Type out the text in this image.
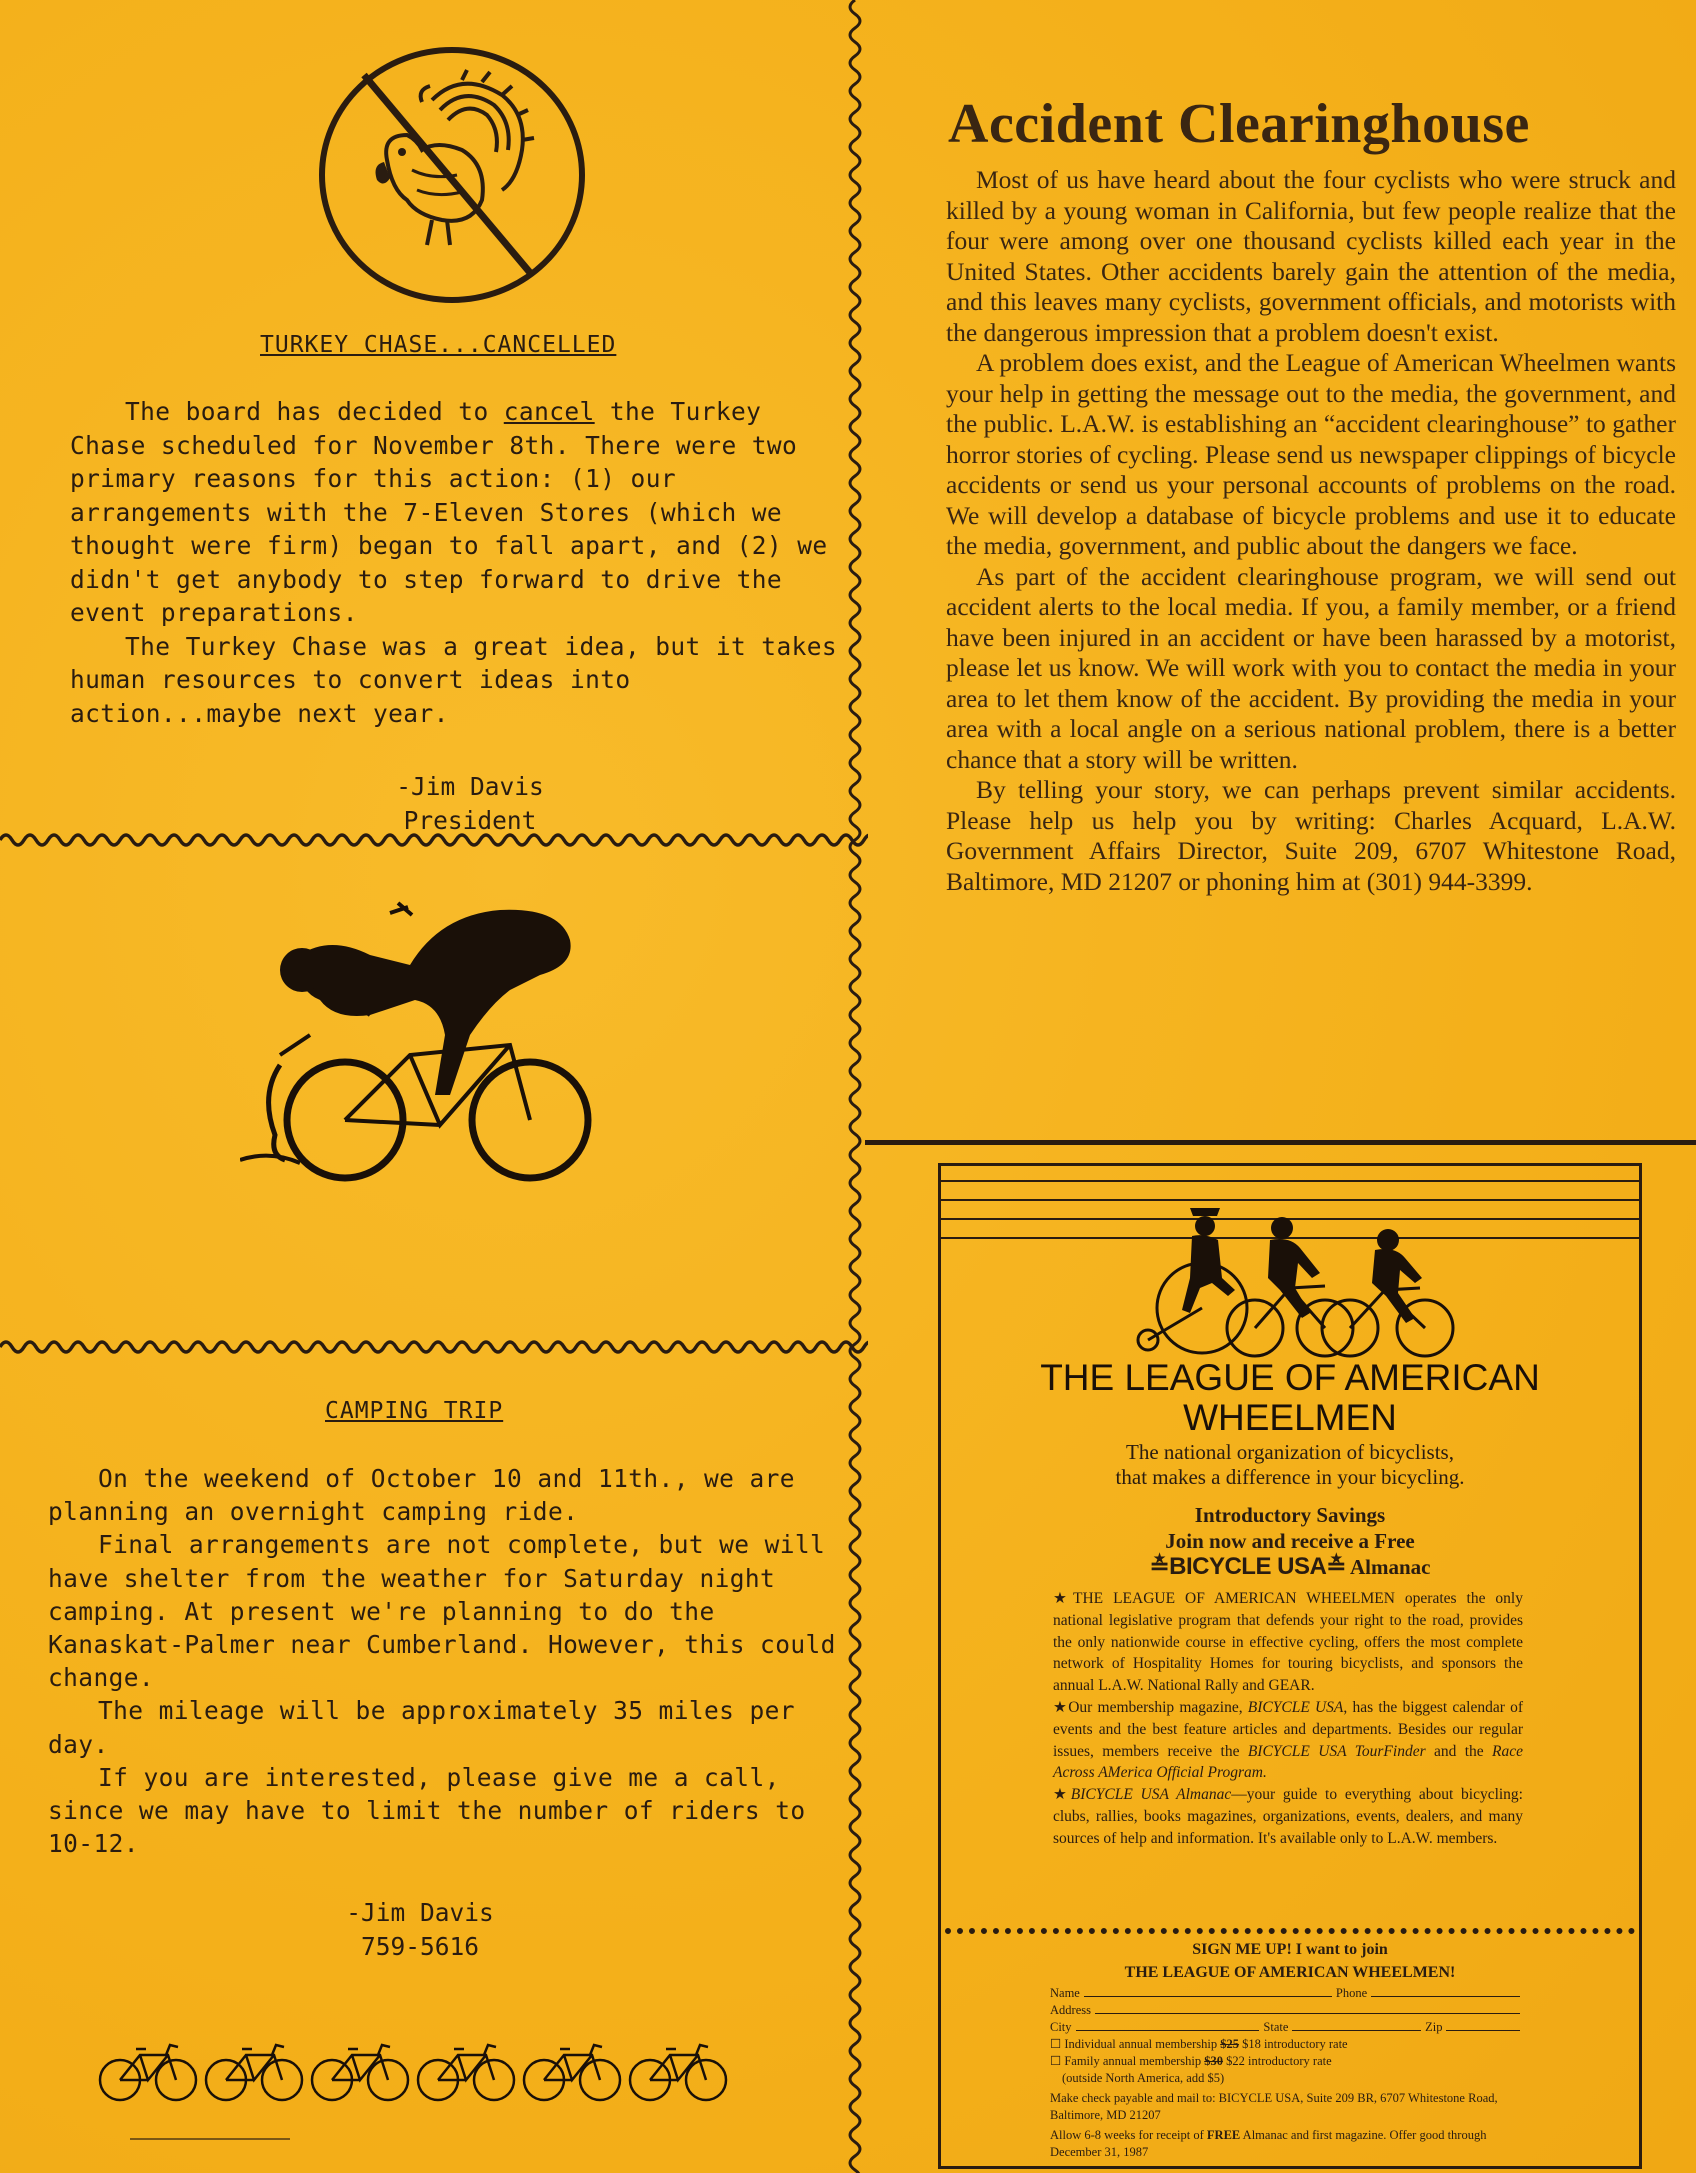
TURKEY CHASE...CANCELLED

The board has decided to cancel the Turkey Chase scheduled for November 8th. There were two primary reasons for this action: (1) our arrangements with the 7-Eleven Stores (which we thought were firm) began to fall apart, and (2) we didn't get anybody to step forward to drive the event preparations.

The Turkey Chase was a great idea, but it takes human resources to convert ideas into action...maybe next year.

-Jim Davis
President
CAMPING TRIP

On the weekend of October 10 and 11th., we are planning an overnight camping ride.

Final arrangements are not complete, but we will have shelter from the weather for Saturday night camping. At present we're planning to do the Kanaskat-Palmer near Cumberland. However, this could change.

The mileage will be approximately 35 miles per day.

If you are interested, please give me a call, since we may have to limit the number of riders to 10-12.

-Jim Davis
759-5616
Accident Clearinghouse

Most of us have heard about the four cyclists who were struck and killed by a young woman in California, but few people realize that the four were among over one thousand cyclists killed each year in the United States. Other accidents barely gain the attention of the media, and this leaves many cyclists, government officials, and motorists with the dangerous impression that a problem doesn't exist.

A problem does exist, and the League of American Wheelmen wants your help in getting the message out to the media, the government, and the public. L.A.W. is establishing an “accident clearinghouse” to gather horror stories of cycling. Please send us newspaper clippings of bicycle accidents or send us your personal accounts of problems on the road. We will develop a database of bicycle problems and use it to educate the media, government, and public about the dangers we face.

As part of the accident clearinghouse program, we will send out accident alerts to the local media. If you, a family member, or a friend have been injured in an accident or have been harassed by a motorist, please let us know. We will work with you to contact the media in your area to let them know of the accident. By providing the media in your area with a local angle on a serious national problem, there is a better chance that a story will be written.

By telling your story, we can perhaps prevent similar accidents. Please help us help you by writing: Charles Acquard, L.A.W. Government Affairs Director, Suite 209, 6707 Whitestone Road, Baltimore, MD 21207 or phoning him at (301) 944-3399.

THE LEAGUE OF AMERICAN
WHEELMEN
The national organization of bicyclists,
that makes a difference in your bicycling.
Introductory Savings
Join now and receive a Free
≛BICYCLE USA≛ Almanac

★THE LEAGUE OF AMERICAN WHEELMEN operates the only national legislative program that defends your right to the road, provides the only nationwide course in effective cycling, offers the most complete network of Hospitality Homes for touring bicyclists, and sponsors the annual L.A.W. National Rally and GEAR.

★Our membership magazine, BICYCLE USA, has the biggest calendar of events and the best feature articles and departments. Besides our regular issues, members receive the BICYCLE USA TourFinder and the Race Across AMerica Official Program.

★BICYCLE USA Almanac—your guide to everything about bicycling: clubs, rallies, books magazines, organizations, events, dealers, and many sources of help and information. It's available only to L.A.W. members.

SIGN ME UP! I want to join
THE LEAGUE OF AMERICAN WHEELMEN!
Name	Phone
Address
City	State	Zip
☐ Individual annual membership $25 $18 introductory rate
☐ Family annual membership $30 $22 introductory rate
(outside North America, add $5)
Make check payable and mail to: BICYCLE USA, Suite 209 BR, 6707 Whitestone Road, Baltimore, MD 21207
Allow 6-8 weeks for receipt of FREE Almanac and first magazine. Offer good through December 31, 1987
